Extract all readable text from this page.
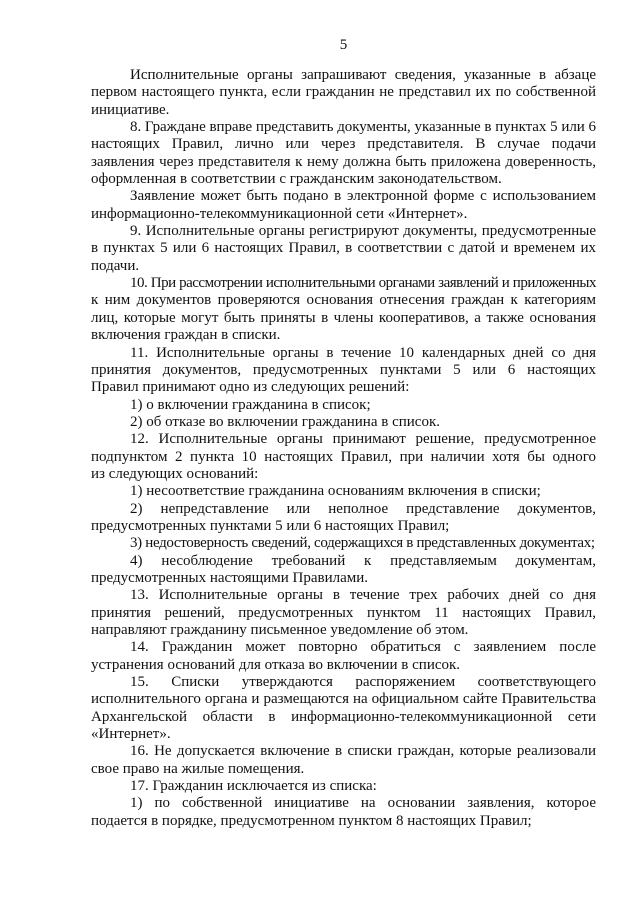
5
Исполнительные органы запрашивают сведения, указанные в абзаце
первом настоящего пункта, если гражданин не представил их по собственной
инициативе.
8. Граждане вправе представить документы, указанные в пунктах 5 или 6
настоящих Правил, лично или через представителя. В случае подачи
заявления через представителя к нему должна быть приложена доверенность,
оформленная в соответствии с гражданским законодательством.
Заявление может быть подано в электронной форме с использованием
информационно-телекоммуникационной сети «Интернет».
9. Исполнительные органы регистрируют документы, предусмотренные
в пунктах 5 или 6 настоящих Правил, в соответствии с датой и временем их
подачи.
10. При рассмотрении исполнительными органами заявлений и приложенных
к ним документов проверяются основания отнесения граждан к категориям
лиц, которые могут быть приняты в члены кооперативов, а также основания
включения граждан в списки.
11. Исполнительные органы в течение 10 календарных дней со дня
принятия документов, предусмотренных пунктами 5 или 6 настоящих
Правил принимают одно из следующих решений:
1) о включении гражданина в список;
2) об отказе во включении гражданина в список.
12. Исполнительные органы принимают решение, предусмотренное
подпунктом 2 пункта 10 настоящих Правил, при наличии хотя бы одного
из следующих оснований:
1) несоответствие гражданина основаниям включения в списки;
2) непредставление или неполное представление документов,
предусмотренных пунктами 5 или 6 настоящих Правил;
3) недостоверность сведений, содержащихся в представленных документах;
4) несоблюдение требований к представляемым документам,
предусмотренных настоящими Правилами.
13. Исполнительные органы в течение трех рабочих дней со дня
принятия решений, предусмотренных пунктом 11 настоящих Правил,
направляют гражданину письменное уведомление об этом.
14. Гражданин может повторно обратиться с заявлением после
устранения оснований для отказа во включении в список.
15. Списки утверждаются распоряжением соответствующего
исполнительного органа и размещаются на официальном сайте Правительства
Архангельской области в информационно-телекоммуникационной сети
«Интернет».
16. Не допускается включение в списки граждан, которые реализовали
свое право на жилые помещения.
17. Гражданин исключается из списка:
1) по собственной инициативе на основании заявления, которое
подается в порядке, предусмотренном пунктом 8 настоящих Правил;
